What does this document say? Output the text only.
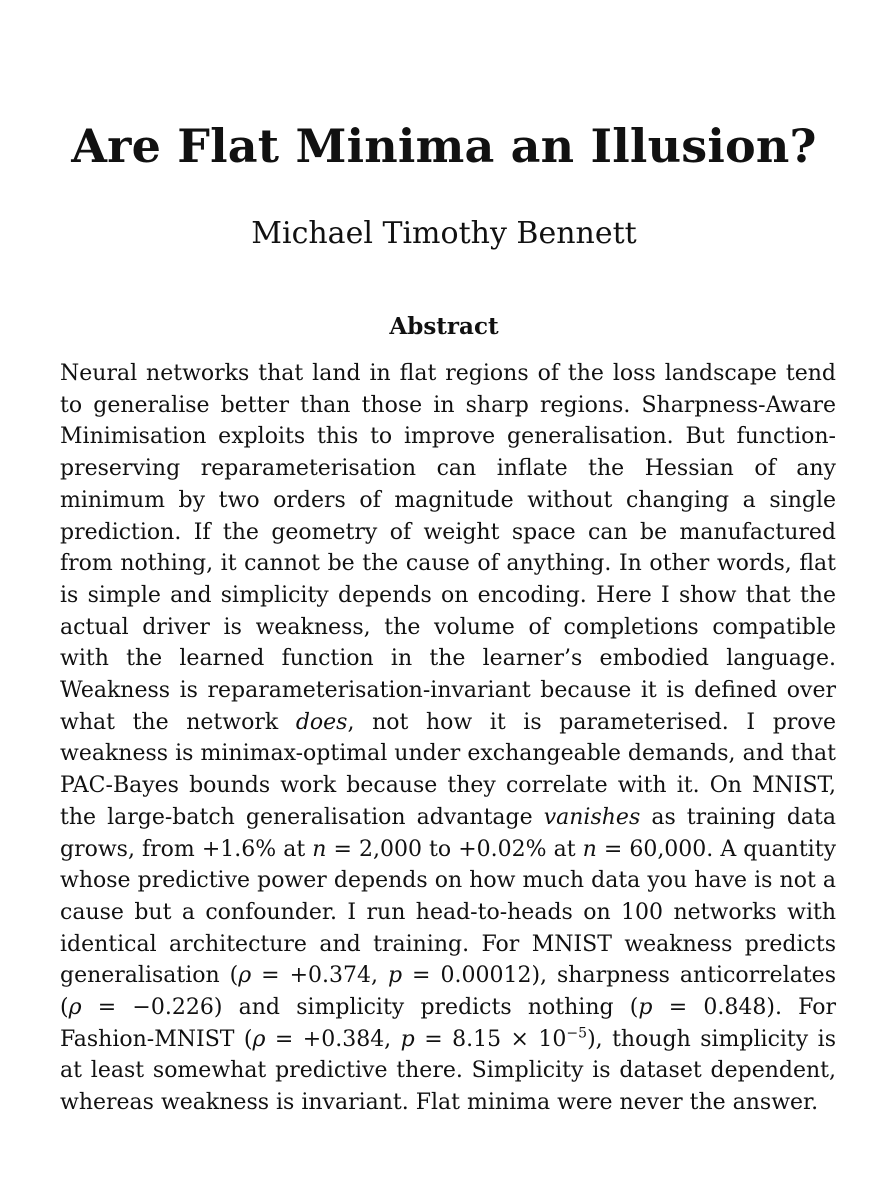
Are Flat Minima an Illusion?

Michael Timothy Bennett

Abstract

Neural networks that land in flat regions of the loss landscape tend to generalise better than those in sharp regions. Sharpness-Aware Minimisation exploits this to improve generalisation. But function-preserving reparameterisation can inflate the Hessian of any minimum by two orders of magnitude without changing a single prediction. If the geometry of weight space can be manufactured from nothing, it cannot be the cause of anything. In other words, flat is simple and simplicity depends on encoding. Here I show that the actual driver is weakness, the volume of completions compatible with the learned function in the learner’s embodied language. Weakness is reparameterisation-invariant because it is defined over what the network does, not how it is parameterised. I prove weakness is minimax-optimal under exchangeable demands, and that PAC-Bayes bounds work because they correlate with it. On MNIST, the large-batch generalisation advantage vanishes as training data grows, from +1.6% at n = 2,000 to +0.02% at n = 60,000. A quantity whose predictive power depends on how much data you have is not a cause but a confounder. I run head-to-heads on 100 networks with identical architecture and training. For MNIST weakness predicts generalisation (ρ = +0.374, p = 0.00012), sharpness anticorrelates (ρ = −0.226) and simplicity predicts nothing (p = 0.848). For Fashion-MNIST (ρ = +0.384, $p = 8.15 \times 10^{-5}$), though simplicity is at least somewhat predictive there. Simplicity is dataset dependent, whereas weakness is invariant. Flat minima were never the answer.
